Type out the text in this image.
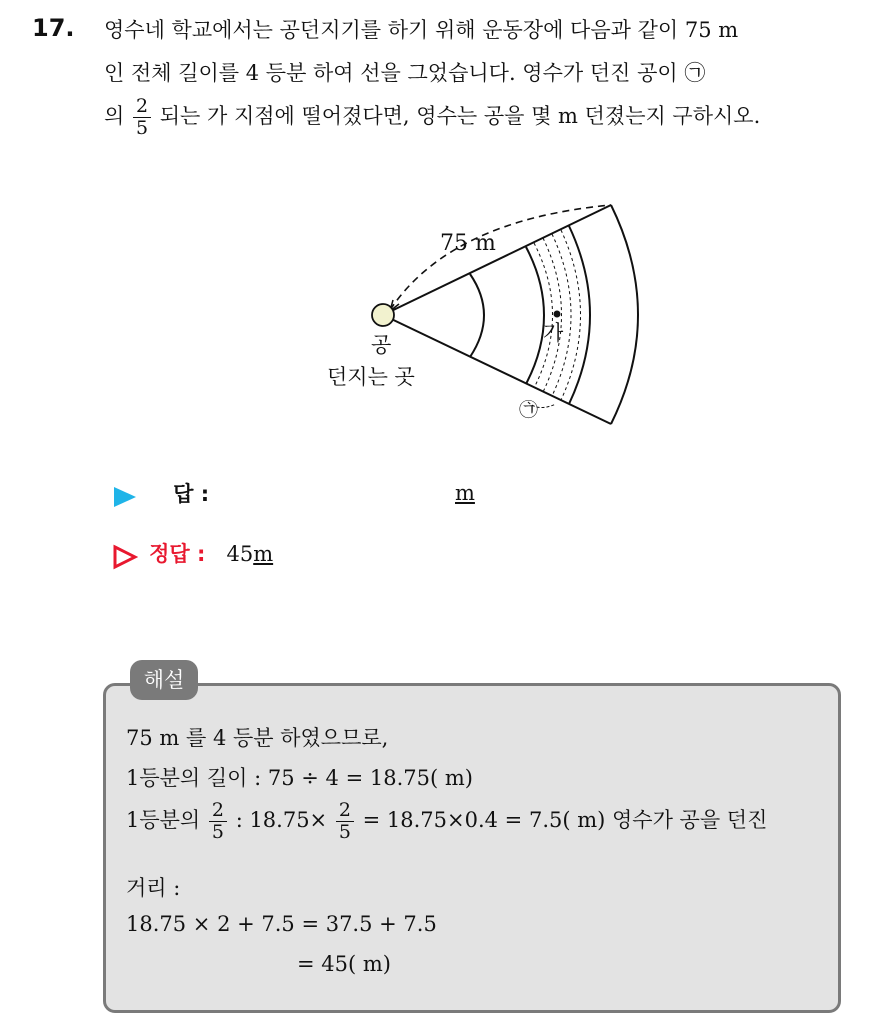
17. 영수네 학교에서는 공던지기를 하기 위해 운동장에 다음과 같이 75 m
인 전체 길이를 4 등분 하여 선을 그었습니다. 영수가 던진 공이 ㉠
의 $\frac{2}{5}$ 되는 가 지점에 떨어졌다면, 영수는 공을 몇 m 던졌는지 구하시오.
75 m
가
공
던지는 곳
㉠
답 :	m
정답 : 45m
해설
75 m 를 4 등분 하였으므로,
1등분의 길이 : 75 ÷ 4 = 18.75( m)
1등분의 $\frac{2}{5}$ : $18.75\times \frac{2}{5} = 18.75\times 0.4 = 7.5$( m) 영수가 공을 던진
거리 :
18.75 × 2 + 7.5 = 37.5 + 7.5
= 45( m)
